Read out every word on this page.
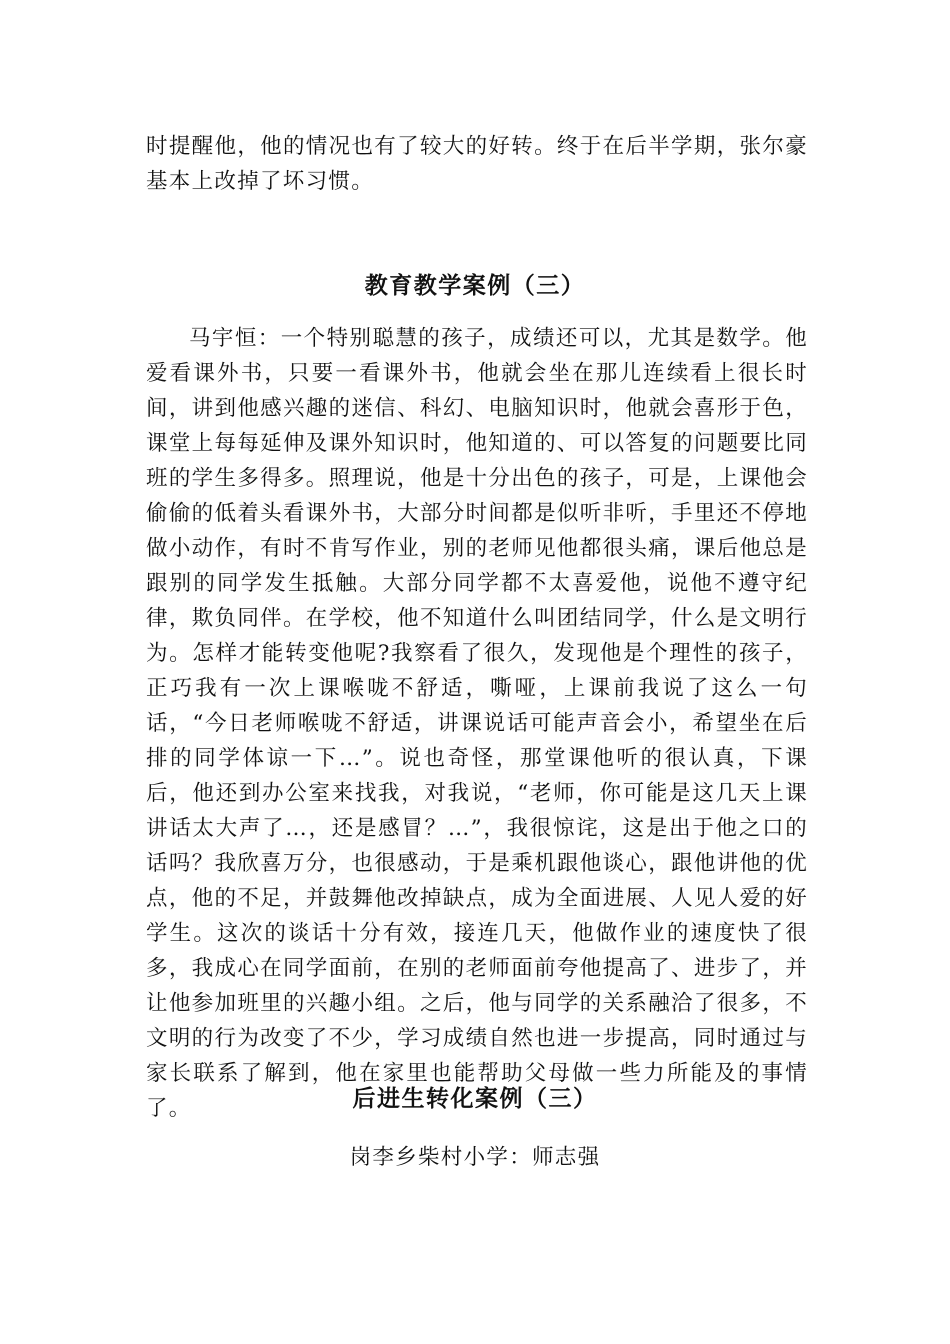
时提醒他，他的情况也有了较大的好转。终于在后半学期，张尔豪基本上改掉了坏习惯。

教育教学案例（三）

马宇恒：一个特别聪慧的孩子，成绩还可以，尤其是数学。他爱看课外书，只要一看课外书，他就会坐在那儿连续看上很长时间，讲到他感兴趣的迷信、科幻、电脑知识时，他就会喜形于色，课堂上每每延伸及课外知识时，他知道的、可以答复的问题要比同班的学生多得多。照理说，他是十分出色的孩子，可是，上课他会偷偷的低着头看课外书，大部分时间都是似听非听，手里还不停地做小动作，有时不肯写作业，别的老师见他都很头痛，课后他总是跟别的同学发生抵触。大部分同学都不太喜爱他，说他不遵守纪律，欺负同伴。在学校，他不知道什么叫团结同学，什么是文明行为。怎样才能转变他呢?我察看了很久，发现他是个理性的孩子，正巧我有一次上课喉咙不舒适，嘶哑，上课前我说了这么一句话，“今日老师喉咙不舒适，讲课说话可能声音会小，希望坐在后排的同学体谅一下…”。说也奇怪，那堂课他听的很认真，下课后，他还到办公室来找我，对我说，“老师，你可能是这几天上课讲话太大声了…，还是感冒？…”，我很惊诧，这是出于他之口的话吗？我欣喜万分，也很感动，于是乘机跟他谈心，跟他讲他的优点，他的不足，并鼓舞他改掉缺点，成为全面进展、人见人爱的好学生。这次的谈话十分有效，接连几天，他做作业的速度快了很多，我成心在同学面前，在别的老师面前夸他提高了、进步了，并让他参加班里的兴趣小组。之后，他与同学的关系融洽了很多，不文明的行为改变了不少，学习成绩自然也进一步提高，同时通过与家长联系了解到，他在家里也能帮助父母做一些力所能及的事情了。	后进生转化案例（三）

岗李乡柴村小学：师志强
